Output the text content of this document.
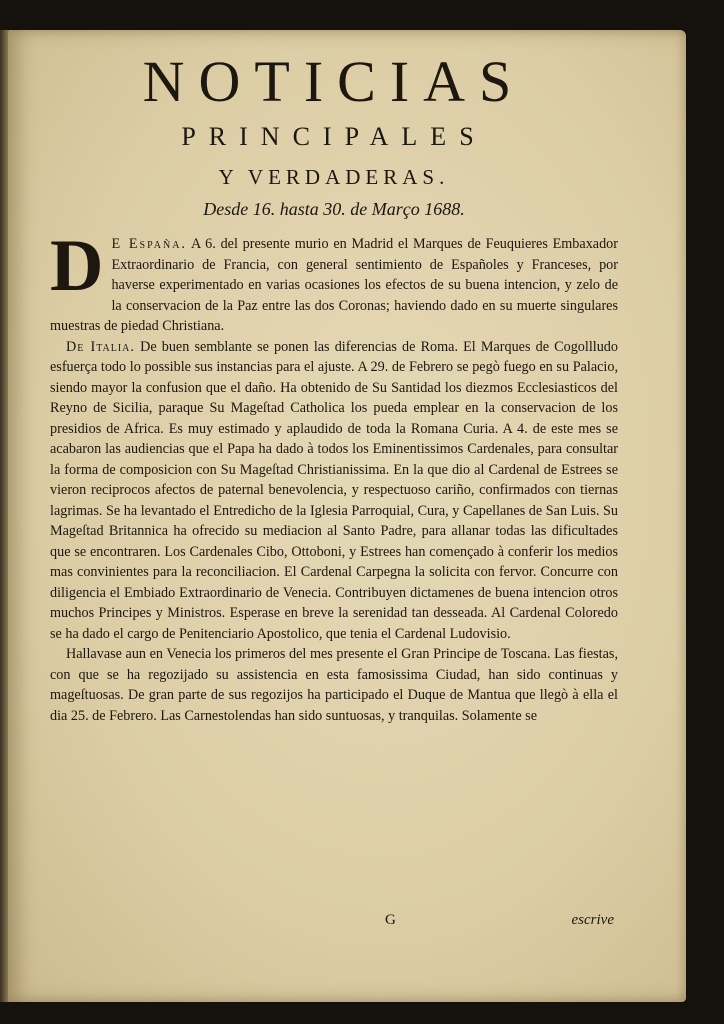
NOTICIAS
PRINCIPALES
Y VERDADERAS.
Desde 16. hasta 30. de Março 1688.

D E España. A 6. del presente murio en Madrid el Marques de Feuquieres Embaxador Extraordinario de Francia, con general sentimiento de Españoles y Franceses, por haverse experimentado en varias ocasiones los efectos de su buena intencion, y zelo de la conservacion de la Paz entre las dos Coronas; haviendo dado en su muerte singulares muestras de piedad Christiana.

De Italia. De buen semblante se ponen las diferencias de Roma. El Marques de Cogollludo esfuerça todo lo possible sus instancias para el ajuste. A 29. de Febrero se pegò fuego en su Palacio, siendo mayor la confusion que el daño. Ha obtenido de Su Santidad los diezmos Ecclesiasticos del Reyno de Sicilia, paraque Su Mageſtad Catholica los pueda emplear en la conservacion de los presidios de Africa. Es muy estimado y aplaudido de toda la Romana Curia. A 4. de este mes se acabaron las audiencias que el Papa ha dado à todos los Eminentissimos Cardenales, para consultar la forma de composicion con Su Mageſtad Christianissima. En la que dio al Cardenal de Estrees se vieron reciprocos afectos de paternal benevolencia, y respectuoso cariño, confirmados con tiernas lagrimas. Se ha levantado el Entredicho de la Iglesia Parroquial, Cura, y Capellanes de San Luis. Su Mageſtad Britannica ha ofrecido su mediacion al Santo Padre, para allanar todas las dificultades que se encontraren. Los Cardenales Cibo, Ottoboni, y Estrees han començado à conferir los medios mas convinientes para la reconciliacion. El Cardenal Carpegna la solicita con fervor. Concurre con diligencia el Embiado Extraordinario de Venecia. Contribuyen dictamenes de buena intencion otros muchos Principes y Ministros. Esperase en breve la serenidad tan desseada. Al Cardenal Coloredo se ha dado el cargo de Penitenciario Apostolico, que tenia el Cardenal Ludovisio.

Hallavase aun en Venecia los primeros del mes presente el Gran Principe de Toscana. Las fiestas, con que se ha regozijado su assistencia en esta famosissima Ciudad, han sido continuas y mageſtuosas. De gran parte de sus regozijos ha participado el Duque de Mantua que llegò à ella el dia 25. de Febrero. Las Carnestolendas han sido suntuosas, y tranquilas. Solamente se

G	escrive
